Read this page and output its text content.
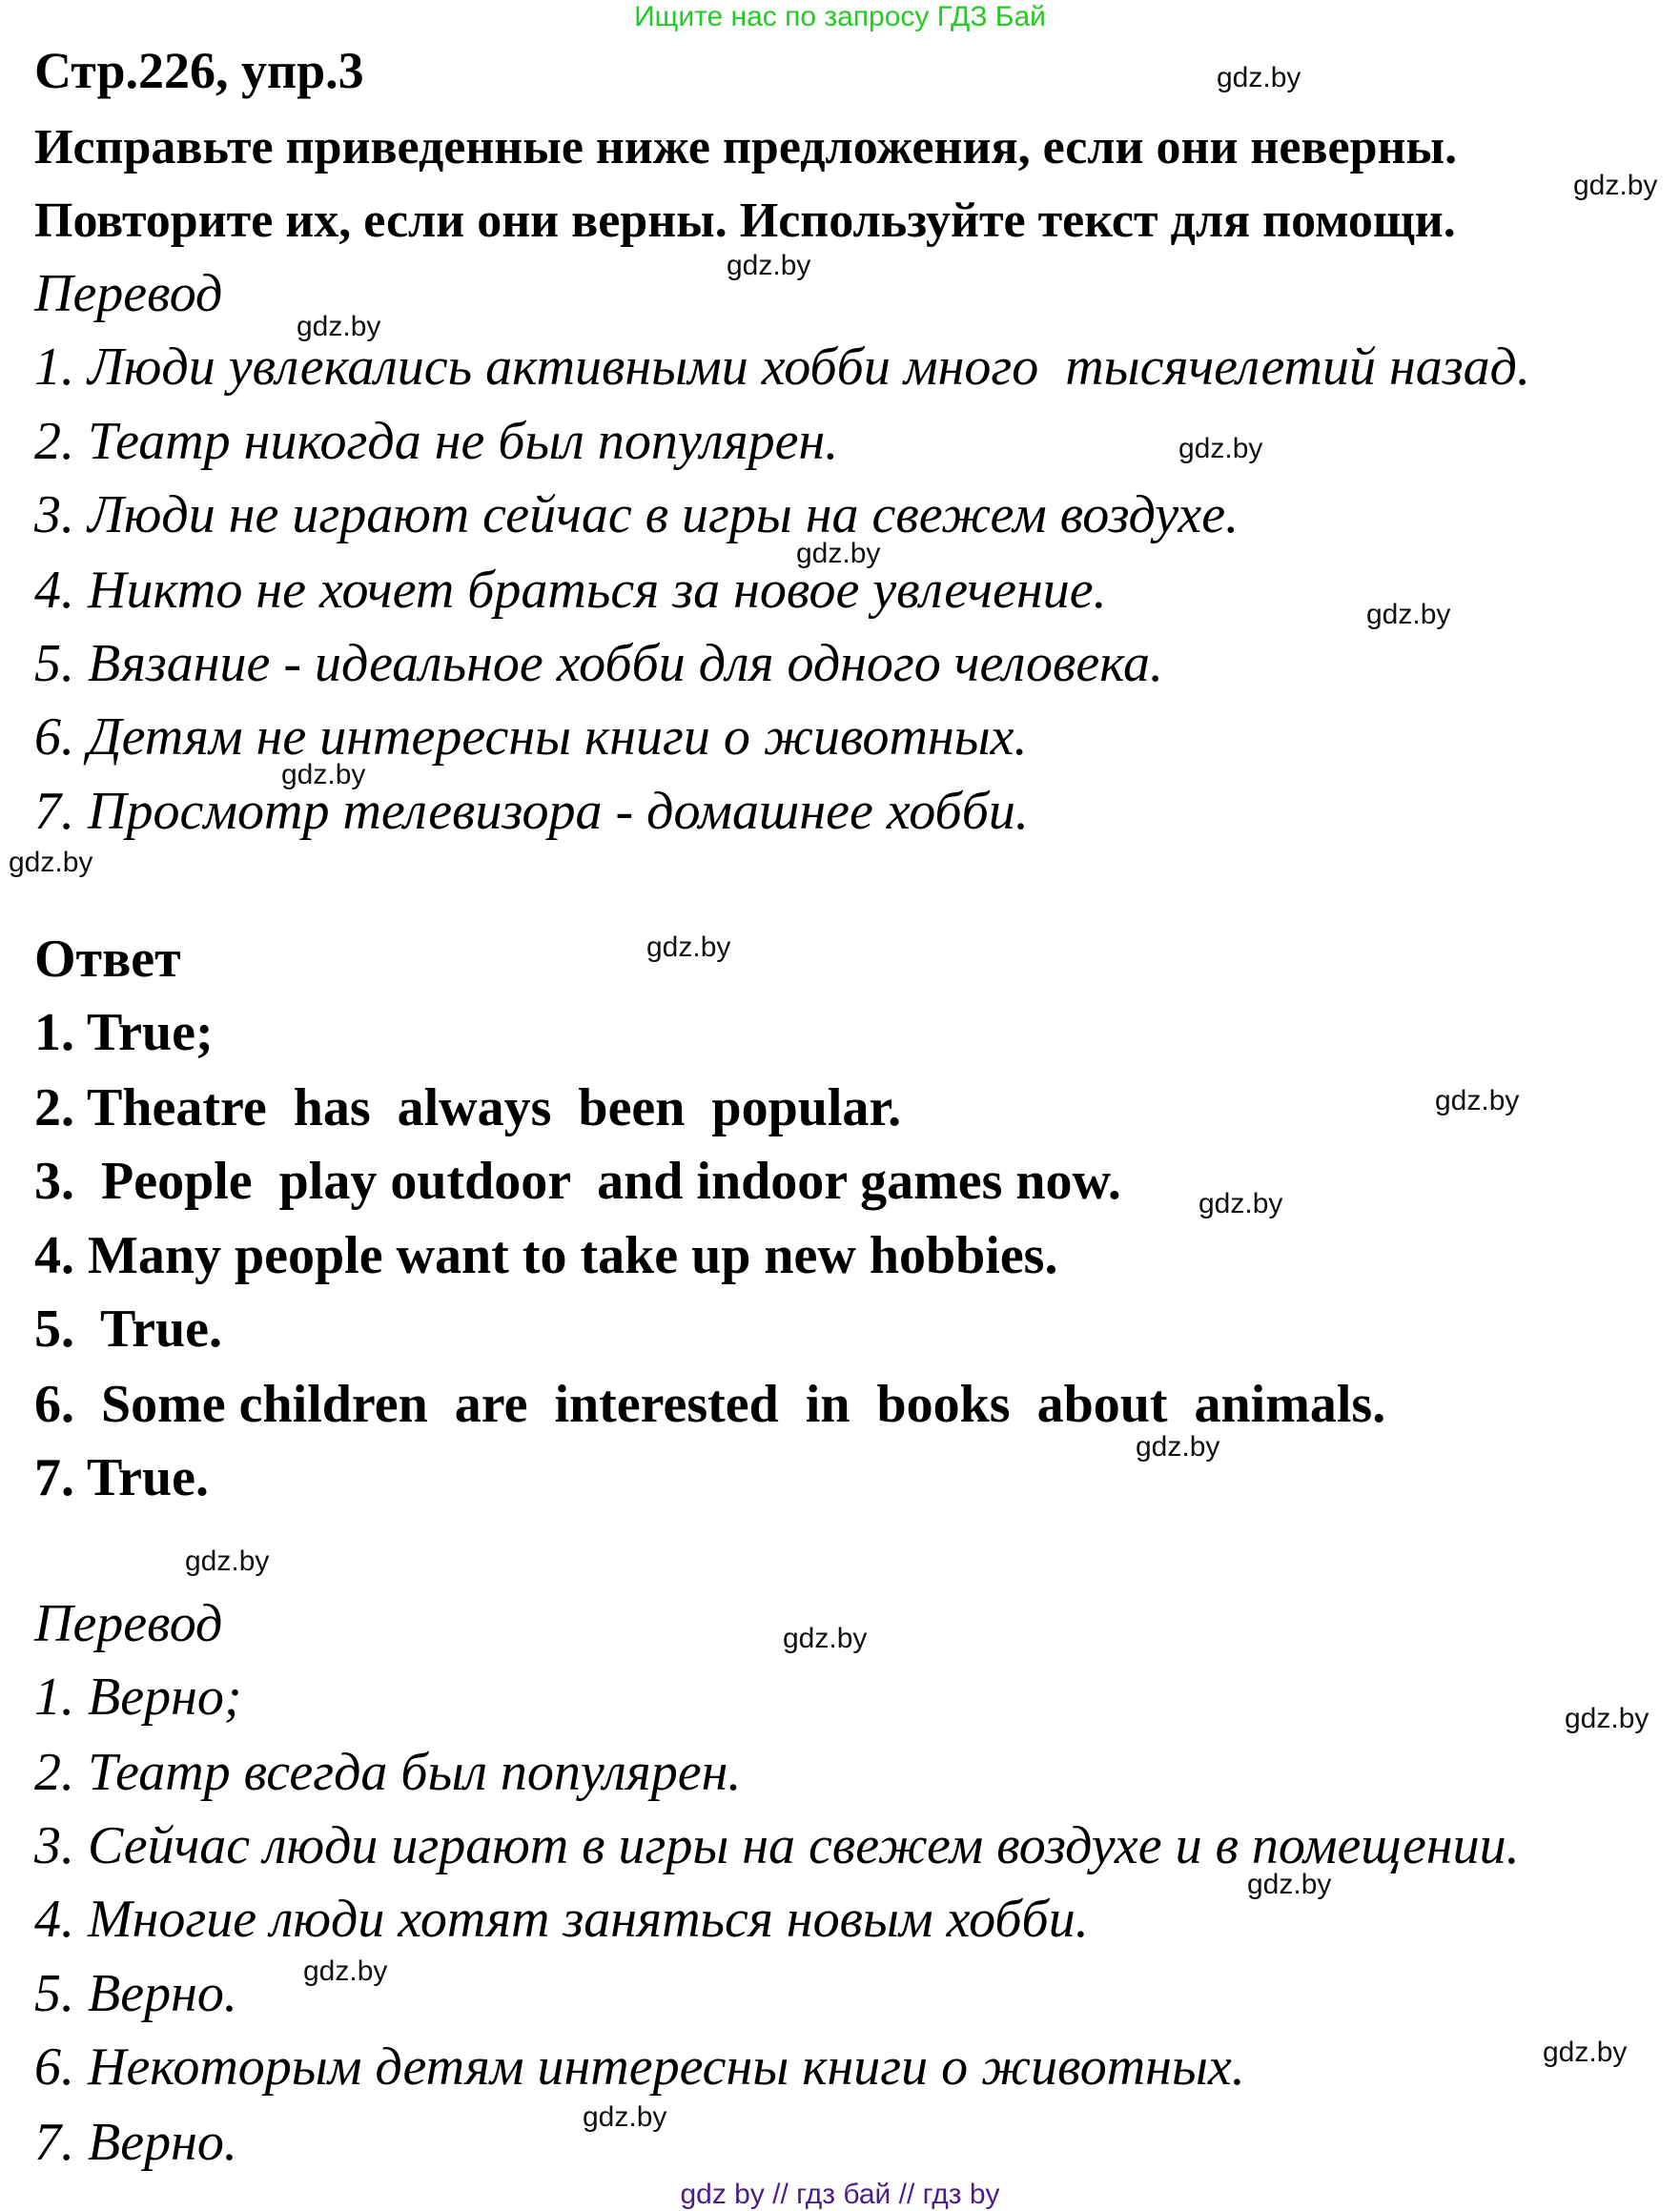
Ищите нас по запросу ГДЗ Бай
Стр.226, упр.3
Исправьте приведенные ниже предложения, если они неверны.
Повторите их, если они верны. Используйте текст для помощи.
Перевод
1. Люди увлекались активными хобби много  тысячелетий назад.
2. Театр никогда не был популярен.
3. Люди не играют сейчас в игры на свежем воздухе.
4. Никто не хочет браться за новое увлечение.
5. Вязание - идеальное хобби для одного человека.
6. Детям не интересны книги о животных.
7. Просмотр телевизора - домашнее хобби.
Ответ
1. True;
2. Theatre  has  always  been  popular.
3.  People  play outdoor  and indoor games now.
4. Many people want to take up new hobbies.
5.  True.
6.  Some children  are  interested  in  books  about  animals.
7. True.
Перевод
1. Верно;
2. Театр всегда был популярен.
3. Сейчас люди играют в игры на свежем воздухе и в помещении.
4. Многие люди хотят заняться новым хобби.
5. Верно.
6. Некоторым детям интересны книги о животных.
7. Верно.
gdz.by
gdz.by
gdz.by
gdz.by
gdz.by
gdz.by
gdz.by
gdz.by
gdz.by
gdz.by
gdz.by
gdz.by
gdz.by
gdz.by
gdz.by
gdz.by
gdz.by
gdz.by
gdz.by
gdz.by
gdz by // гдз бай // гдз by
